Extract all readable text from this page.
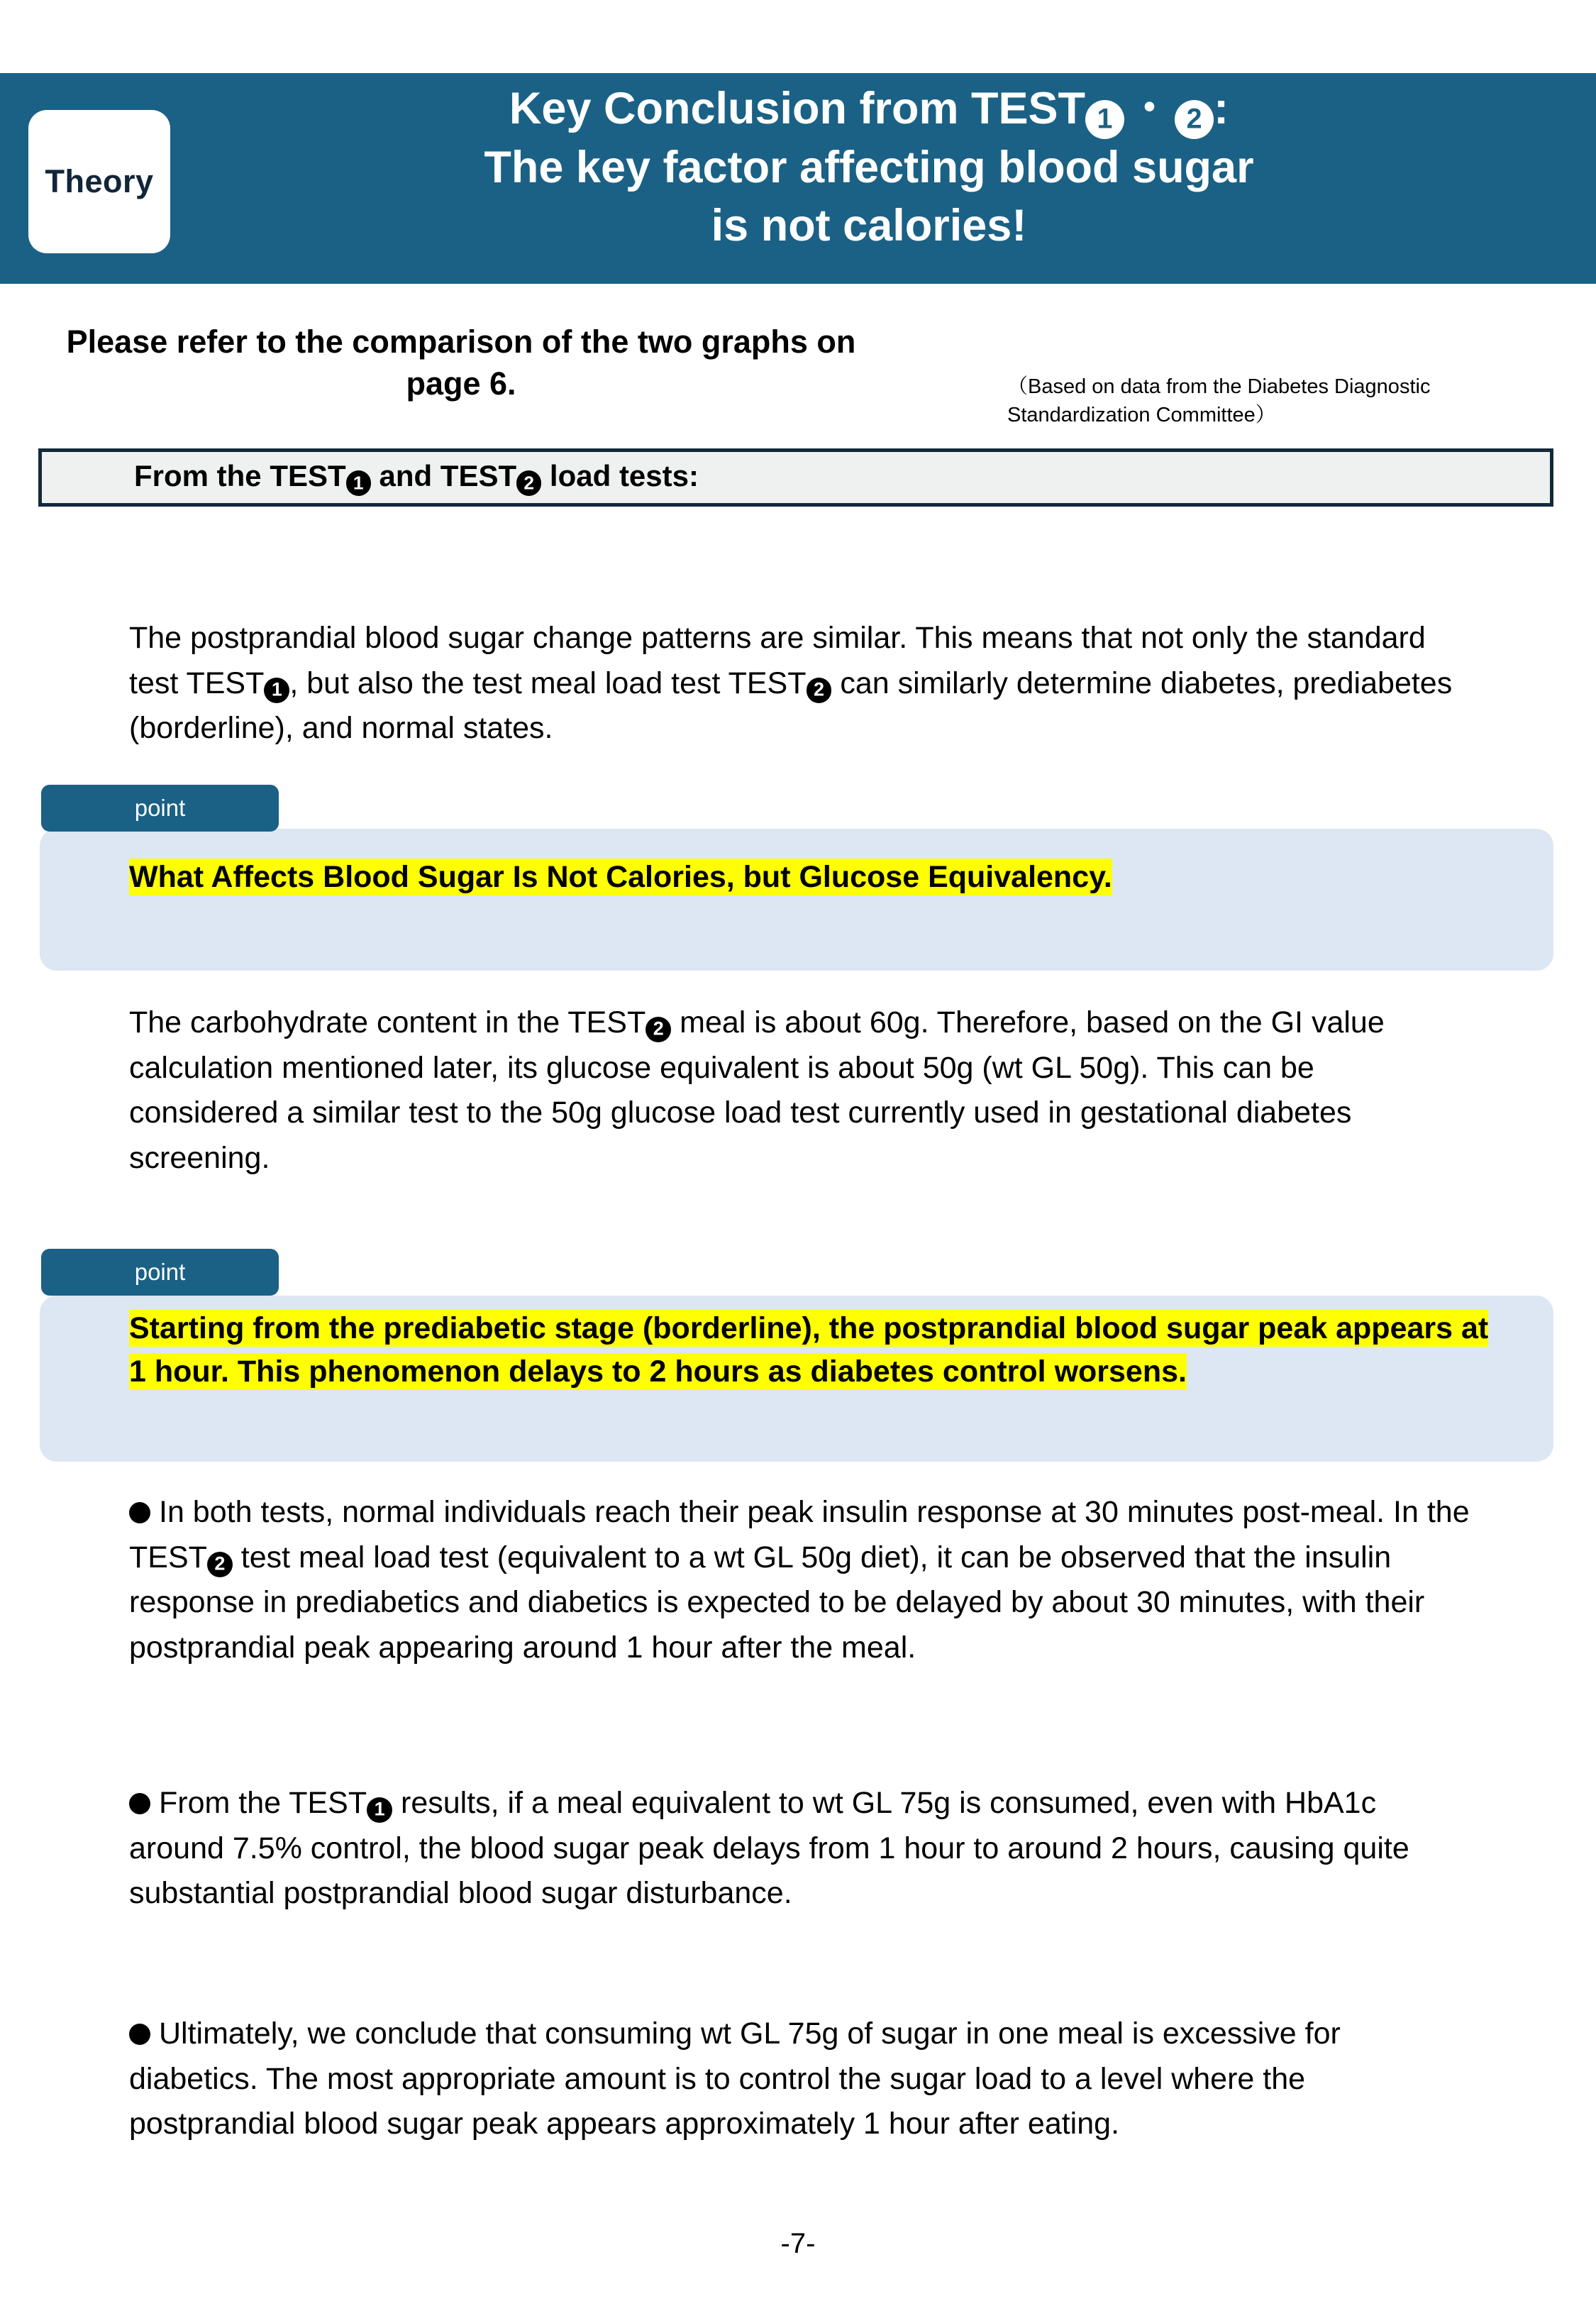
Theory
Key Conclusion from TEST 1 ・ 2 :
The key factor affecting blood sugar
is not calories!
Please refer to the comparison of the two graphs on page 6.	（Based on data from the Diabetes Diagnostic Standardization Committee）
From the TEST 1 and TEST 2 load tests:
The postprandial blood sugar change patterns are similar. This means that not only the standard test TEST 1 , but also the test meal load test TEST 2 can similarly determine diabetes, prediabetes (borderline), and normal states.
point
What Affects Blood Sugar Is Not Calories, but Glucose Equivalency.
The carbohydrate content in the TEST 2 meal is about 60g. Therefore, based on the GI value calculation mentioned later, its glucose equivalent is about 50g (wt GL 50g). This can be considered a similar test to the 50g glucose load test currently used in gestational diabetes screening.
point
Starting from the prediabetic stage (borderline), the postprandial blood sugar peak appears at 1 hour. This phenomenon delays to 2 hours as diabetes control worsens.
In both tests, normal individuals reach their peak insulin response at 30 minutes post-meal. In the TEST 2 test meal load test (equivalent to a wt GL 50g diet), it can be observed that the insulin response in prediabetics and diabetics is expected to be delayed by about 30 minutes, with their postprandial peak appearing around 1 hour after the meal.
From the TEST 1 results, if a meal equivalent to wt GL 75g is consumed, even with HbA1c around 7.5% control, the blood sugar peak delays from 1 hour to around 2 hours, causing quite substantial postprandial blood sugar disturbance.
Ultimately, we conclude that consuming wt GL 75g of sugar in one meal is excessive for diabetics. The most appropriate amount is to control the sugar load to a level where the postprandial blood sugar peak appears approximately 1 hour after eating.
-7-
